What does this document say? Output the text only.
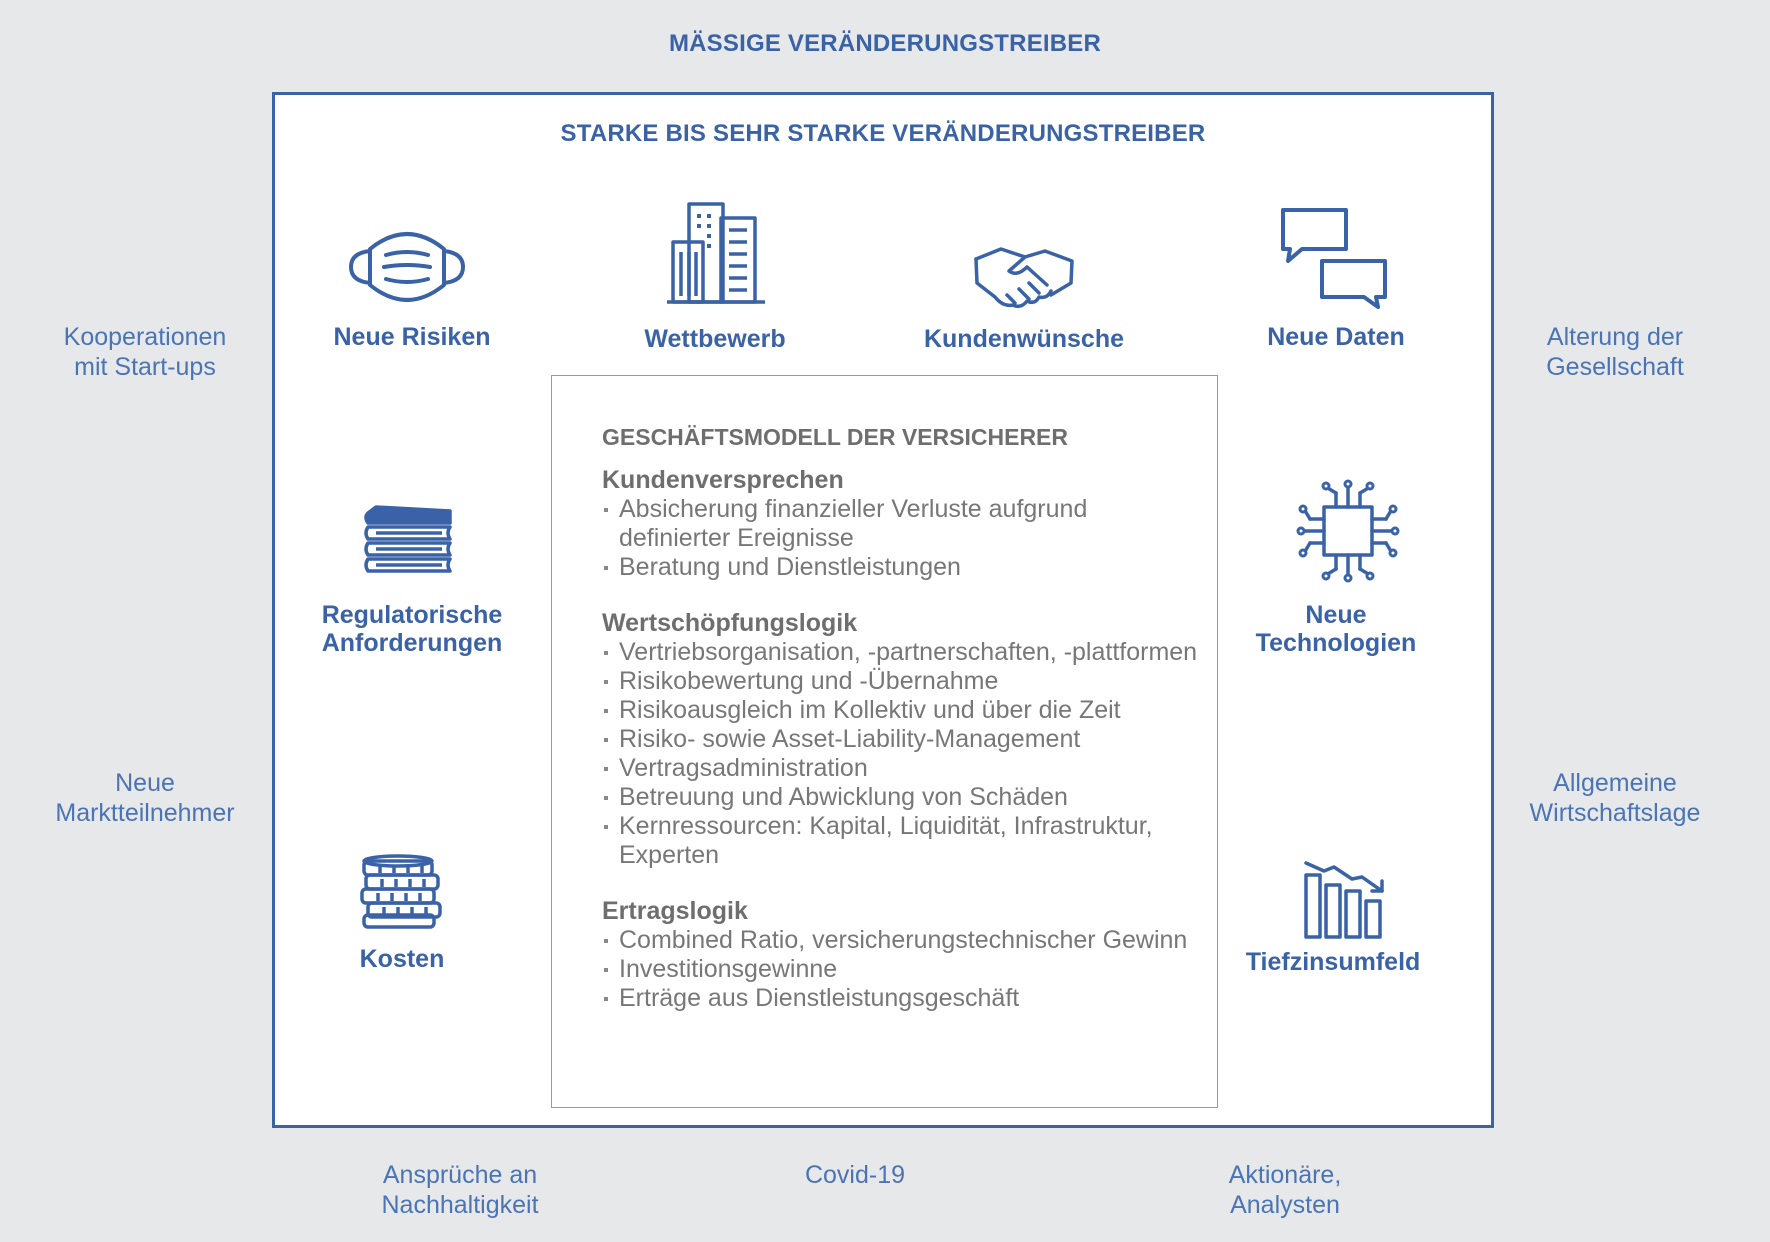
MÄSSIGE VERÄNDERUNGSTREIBER
Kooperationen
mit Start-ups
Alterung der
Gesellschaft
Neue
Marktteilnehmer
Allgemeine
Wirtschaftslage
Ansprüche an
Nachhaltigkeit
Covid-19	Aktionäre,
Analysten
STARKE BIS SEHR STARKE VERÄNDERUNGSTREIBER
Neue Risiken	Wettbewerb	Kundenwünsche	Neue Daten
Regulatorische
Anforderungen
Neue
Technologien
Kosten	Tiefzinsumfeld
GESCHÄFTSMODELL DER VERSICHERER
Kundenversprechen
Absicherung finanzieller Verluste aufgrund definierter Ereignisse
Beratung und Dienstleistungen
Wertschöpfungslogik
Vertriebsorganisation, -partnerschaften, -plattformen
Risikobewertung und -Übernahme
Risikoausgleich im Kollektiv und über die Zeit
Risiko- sowie Asset-Liability-Management
Vertragsadministration
Betreuung und Abwicklung von Schäden
Kernressourcen: Kapital, Liquidität, Infrastruktur, Experten
Ertragslogik
Combined Ratio, versicherungstechnischer Gewinn
Investitionsgewinne
Erträge aus Dienstleistungsgeschäft
